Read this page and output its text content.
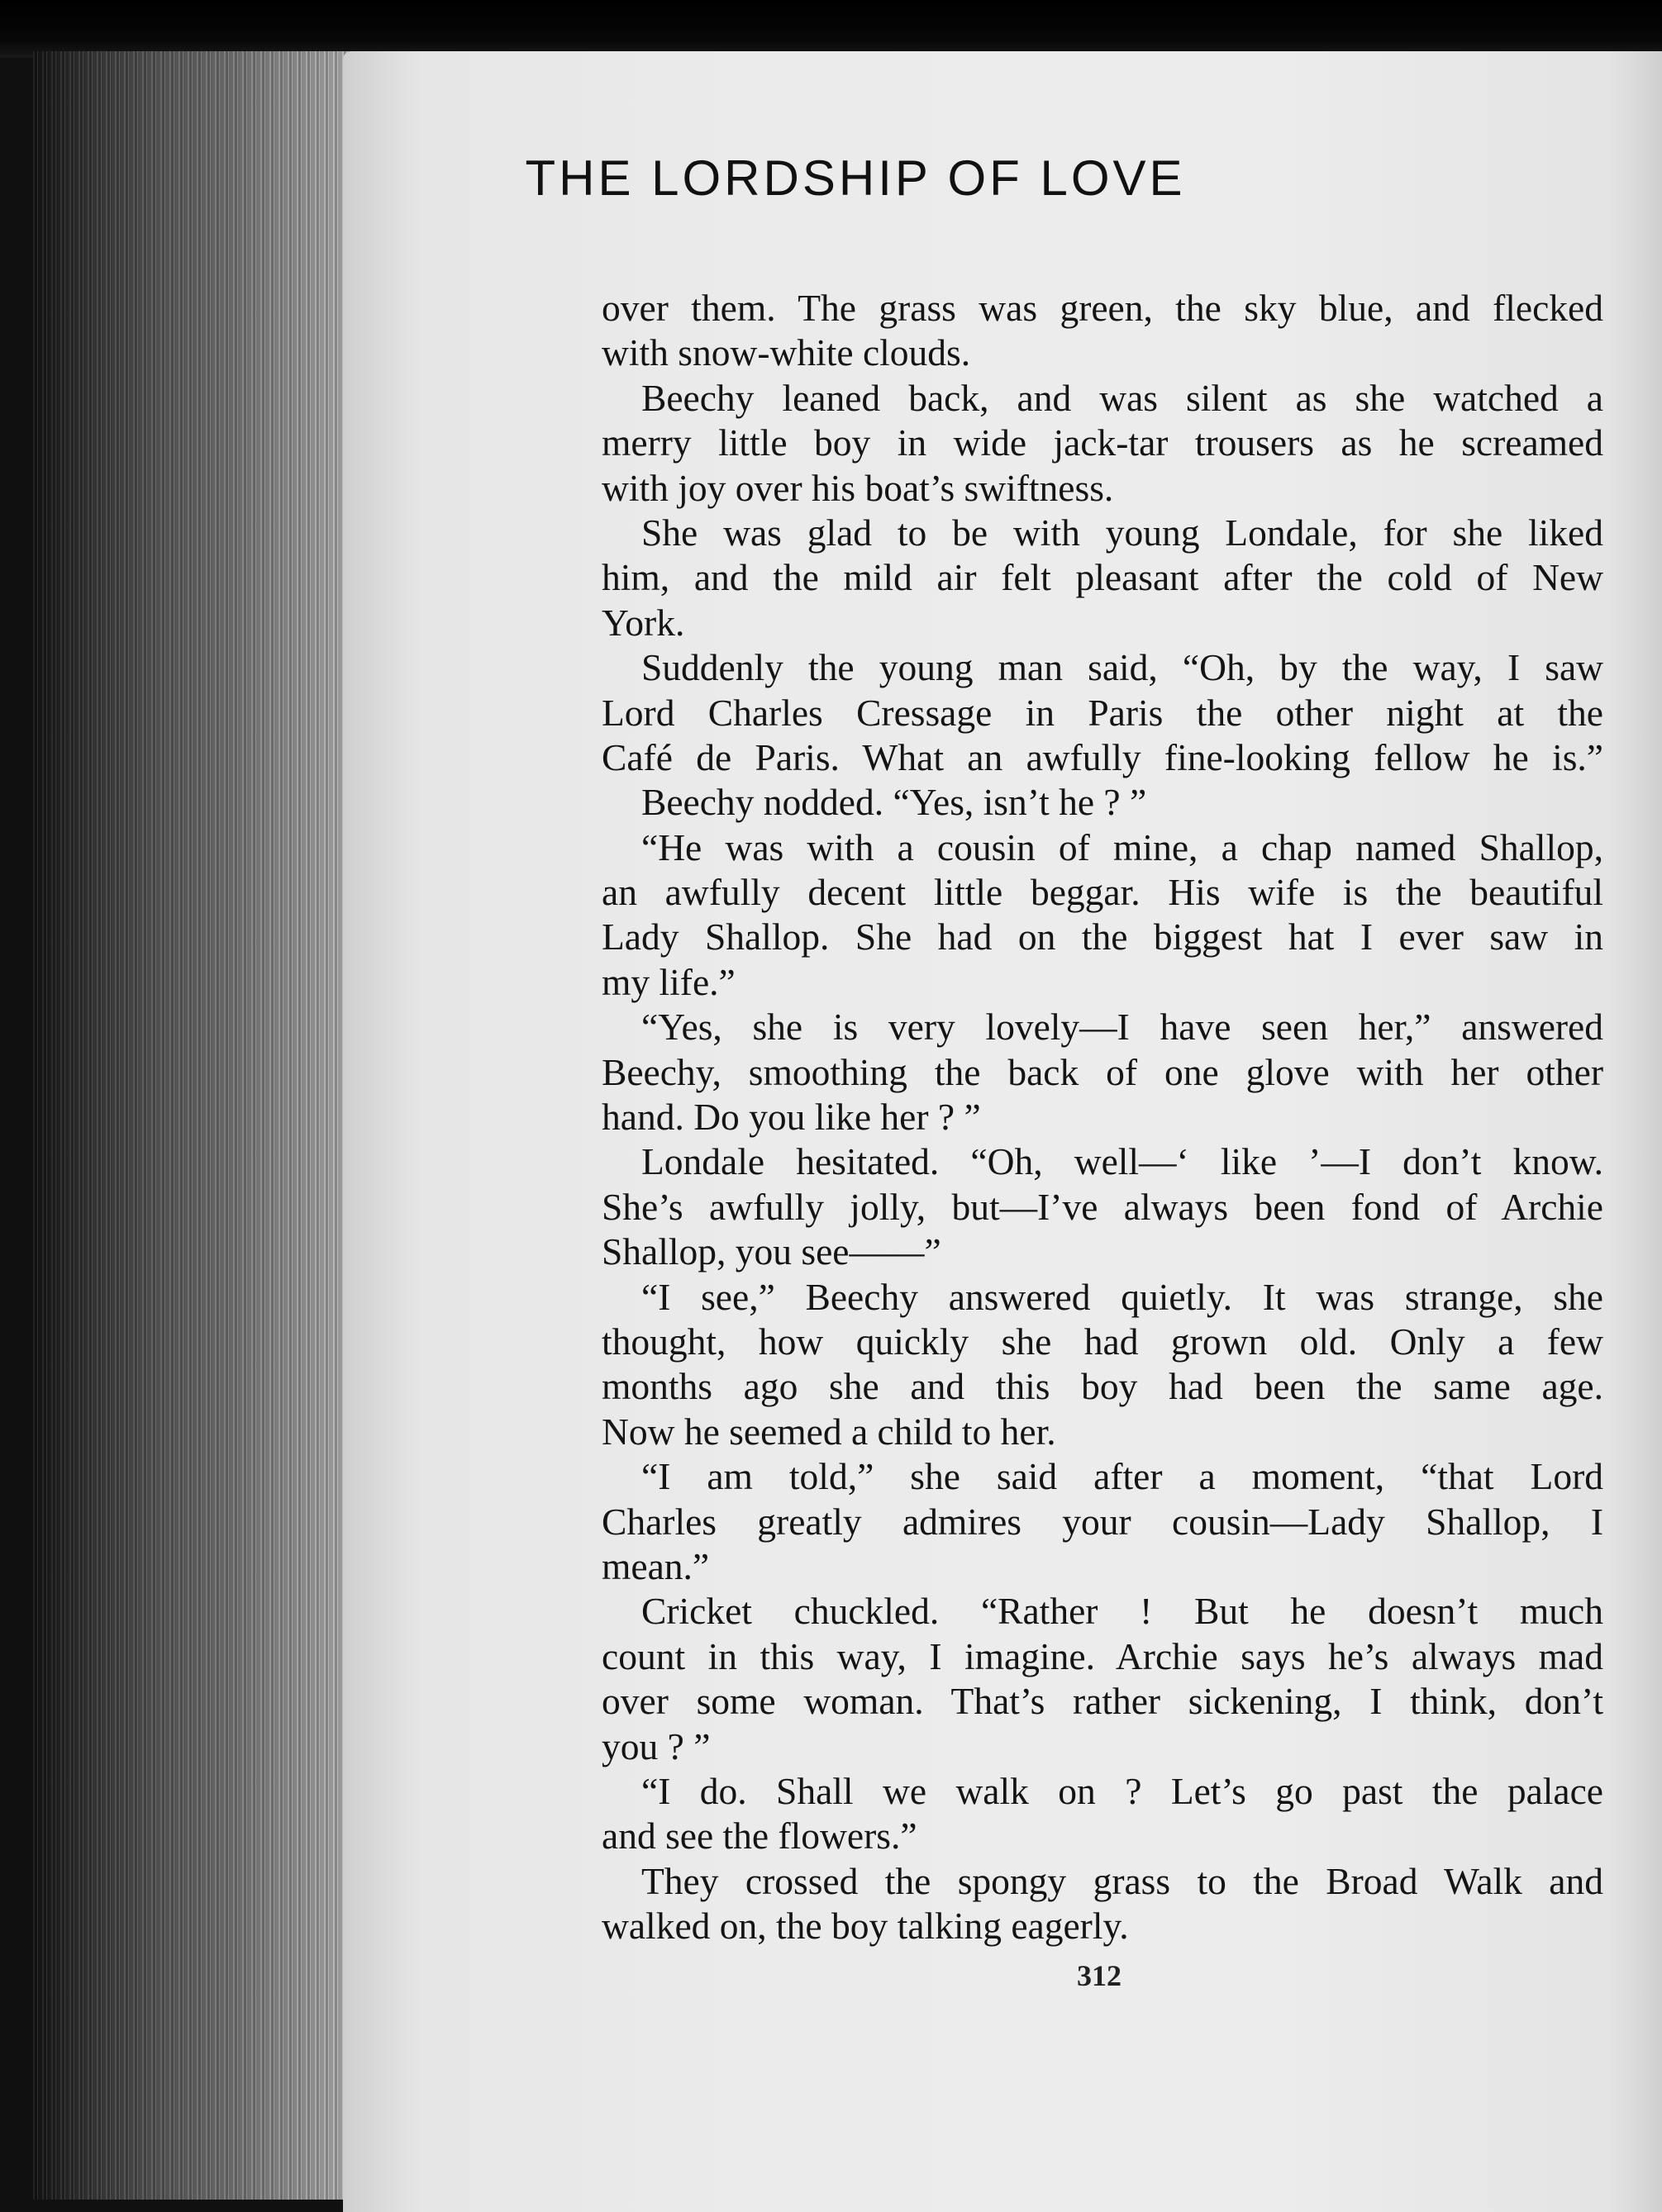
THE LORDSHIP OF LOVE
over them. The grass was green, the sky blue, and flecked
with snow-white clouds.
Beechy leaned back, and was silent as she watched a
merry little boy in wide jack-tar trousers as he screamed
with joy over his boat’s swiftness.
She was glad to be with young Londale, for she liked
him, and the mild air felt pleasant after the cold of New
York.
Suddenly the young man said, “Oh, by the way, I saw
Lord Charles Cressage in Paris the other night at the
Café de Paris. What an awfully fine-looking fellow he is.”
Beechy nodded. “Yes, isn’t he ? ”
“He was with a cousin of mine, a chap named Shallop,
an awfully decent little beggar. His wife is the beautiful
Lady Shallop. She had on the biggest hat I ever saw in
my life.”
“Yes, she is very lovely—I have seen her,” answered
Beechy, smoothing the back of one glove with her other
hand. Do you like her ? ”
Londale hesitated. “Oh, well—‘ like ’—I don’t know.
She’s awfully jolly, but—I’ve always been fond of Archie
Shallop, you see——”
“I see,” Beechy answered quietly. It was strange, she
thought, how quickly she had grown old. Only a few
months ago she and this boy had been the same age.
Now he seemed a child to her.
“I am told,” she said after a moment, “that Lord
Charles greatly admires your cousin—Lady Shallop, I
mean.”
Cricket chuckled. “Rather ! But he doesn’t much
count in this way, I imagine. Archie says he’s always mad
over some woman. That’s rather sickening, I think, don’t
you ? ”
“I do. Shall we walk on ? Let’s go past the palace
and see the flowers.”
They crossed the spongy grass to the Broad Walk and
walked on, the boy talking eagerly.
312
